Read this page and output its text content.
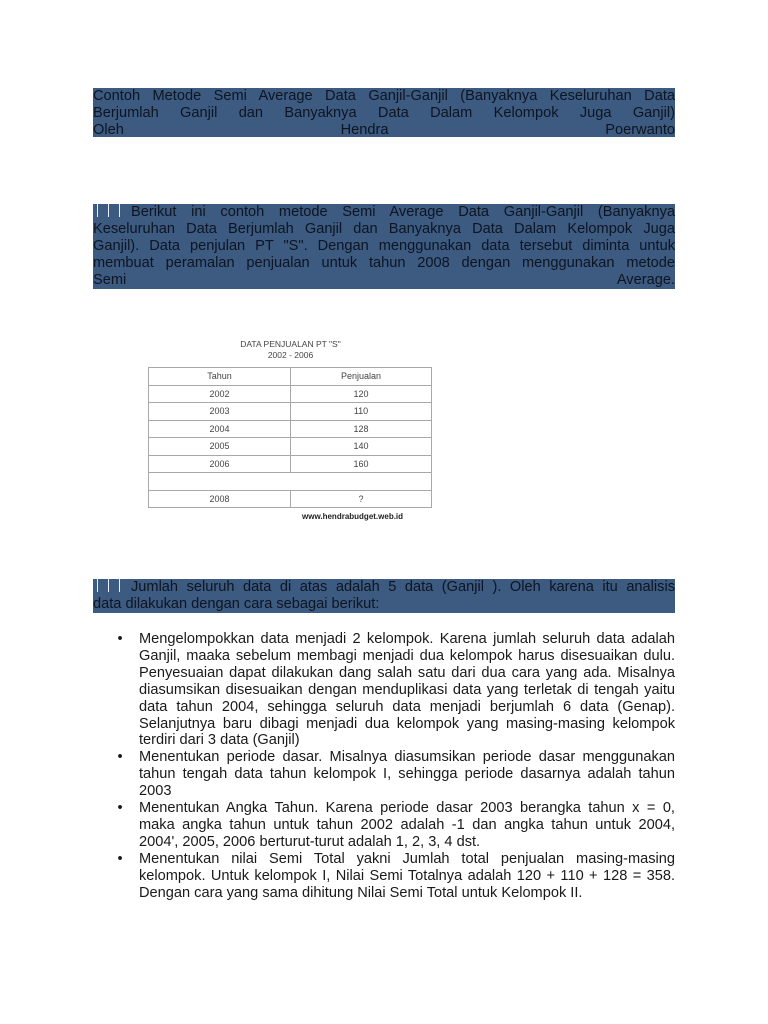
Contoh Metode Semi Average Data Ganjil-Ganjil (Banyaknya Keseluruhan Data
Berjumlah Ganjil dan Banyaknya Data Dalam Kelompok Juga Ganjil)
Oleh Hendra Poerwanto
Berikut ini contoh metode Semi Average Data Ganjil-Ganjil (Banyaknya
Keseluruhan Data Berjumlah Ganjil dan Banyaknya Data Dalam Kelompok Juga
Ganjil). Data penjulan PT "S". Dengan menggunakan data tersebut diminta untuk
membuat peramalan penjualan untuk tahun 2008 dengan menggunakan metode
Semi Average.
DATA PENJUALAN PT "S"
2002 - 2006
Tahun	Penjualan
2002	120
2003	110
2004	128
2005	140
2006	160

2008	?
www.hendrabudget.web.id
Jumlah seluruh data di atas adalah 5 data (Ganjil ). Oleh karena itu analisis
data dilakukan dengan cara sebagai berikut:
• Mengelompokkan data menjadi 2 kelompok. Karena jumlah seluruh data adalah Ganjil, maaka sebelum membagi menjadi dua kelompok harus disesuaikan dulu. Penyesuaian dapat dilakukan dang salah satu dari dua cara yang ada. Misalnya diasumsikan disesuaikan dengan menduplikasi data yang terletak di tengah yaitu data tahun 2004, sehingga seluruh data menjadi berjumlah 6 data (Genap). Selanjutnya baru dibagi menjadi dua kelompok yang masing-masing kelompok terdiri dari 3 data (Ganjil)
• Menentukan periode dasar. Misalnya diasumsikan periode dasar menggunakan tahun tengah data tahun kelompok I, sehingga periode dasarnya adalah tahun 2003
• Menentukan Angka Tahun. Karena periode dasar 2003 berangka tahun x = 0, maka angka tahun untuk tahun 2002 adalah -1 dan angka tahun untuk 2004, 2004', 2005, 2006 berturut-turut adalah 1, 2, 3, 4 dst.
• Menentukan nilai Semi Total yakni Jumlah total penjualan masing-masing kelompok. Untuk kelompok I, Nilai Semi Totalnya adalah 120 + 110 + 128 = 358. Dengan cara yang sama dihitung Nilai Semi Total untuk Kelompok II.
